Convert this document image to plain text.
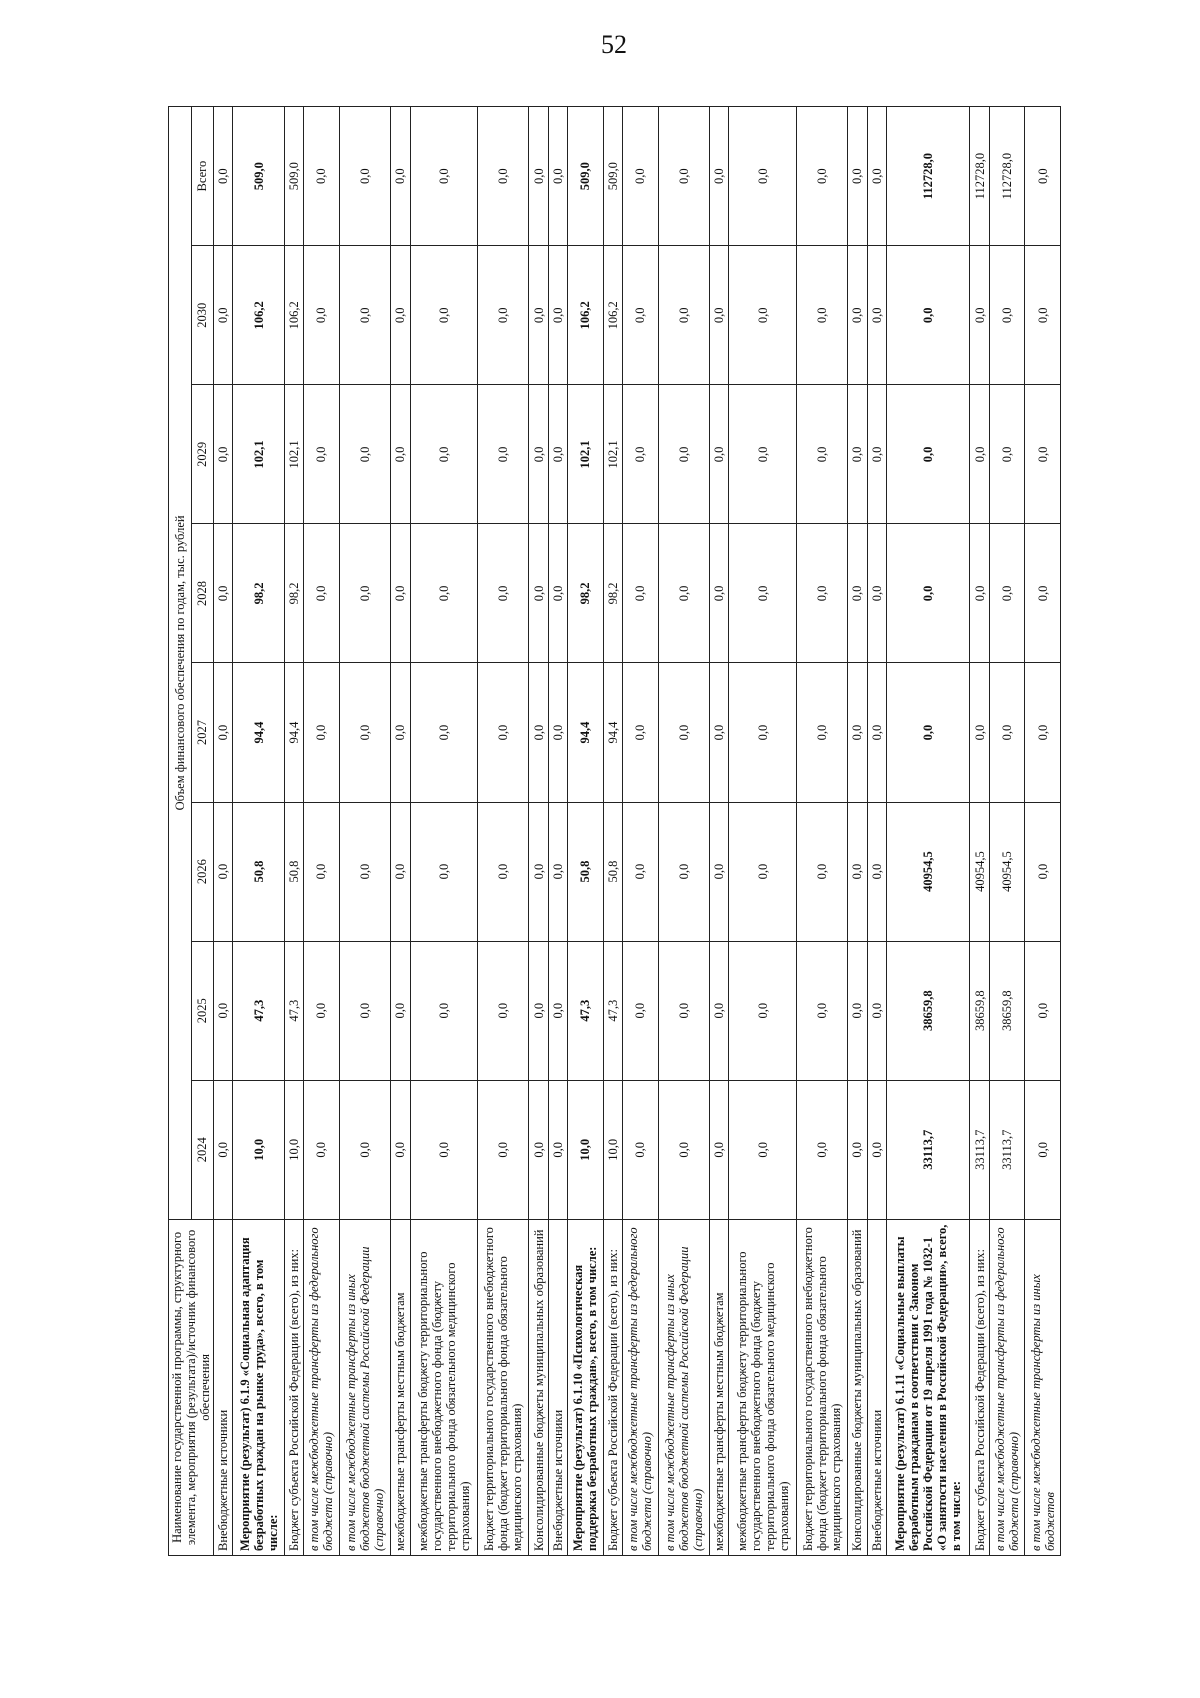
52
Наименование государственной программы, структурного элемента, мероприятия (результата)/источник финансового обеспечения	Объем финансового обеспечения по годам, тыс. рублей							
	2024	2025	2026	2027	2028	2029	2030	Всего
Внебюджетные источники	0,0	0,0	0,0	0,0	0,0	0,0	0,0	0,0
Мероприятие (результат) 6.1.9 «Социальная адаптация безработных граждан на рынке труда», всего, в том числе:	10,0	47,3	50,8	94,4	98,2	102,1	106,2	509,0
Бюджет субъекта Российской Федерации (всего), из них:	10,0	47,3	50,8	94,4	98,2	102,1	106,2	509,0
в том числе межбюджетные трансферты из федерального бюджета (справочно)	0,0	0,0	0,0	0,0	0,0	0,0	0,0	0,0
в том числе межбюджетные трансферты из иных бюджетов бюджетной системы Российской Федерации (справочно)	0,0	0,0	0,0	0,0	0,0	0,0	0,0	0,0
межбюджетные трансферты местным бюджетам	0,0	0,0	0,0	0,0	0,0	0,0	0,0	0,0
межбюджетные трансферты бюджету территориального государственного внебюджетного фонда (бюджету территориального фонда обязательного медицинского страхования)	0,0	0,0	0,0	0,0	0,0	0,0	0,0	0,0
Бюджет территориального государственного внебюджетного фонда (бюджет территориального фонда обязательного медицинского страхования)	0,0	0,0	0,0	0,0	0,0	0,0	0,0	0,0
Консолидированные бюджеты муниципальных образований	0,0	0,0	0,0	0,0	0,0	0,0	0,0	0,0
Внебюджетные источники	0,0	0,0	0,0	0,0	0,0	0,0	0,0	0,0
Мероприятие (результат) 6.1.10 «Психологическая поддержка безработных граждан», всего, в том числе:	10,0	47,3	50,8	94,4	98,2	102,1	106,2	509,0
Бюджет субъекта Российской Федерации (всего), из них:	10,0	47,3	50,8	94,4	98,2	102,1	106,2	509,0
в том числе межбюджетные трансферты из федерального бюджета (справочно)	0,0	0,0	0,0	0,0	0,0	0,0	0,0	0,0
в том числе межбюджетные трансферты из иных бюджетов бюджетной системы Российской Федерации (справочно)	0,0	0,0	0,0	0,0	0,0	0,0	0,0	0,0
межбюджетные трансферты местным бюджетам	0,0	0,0	0,0	0,0	0,0	0,0	0,0	0,0
межбюджетные трансферты бюджету территориального государственного внебюджетного фонда (бюджету территориального фонда обязательного медицинского страхования)	0,0	0,0	0,0	0,0	0,0	0,0	0,0	0,0
Бюджет территориального государственного внебюджетного фонда (бюджет территориального фонда обязательного медицинского страхования)	0,0	0,0	0,0	0,0	0,0	0,0	0,0	0,0
Консолидированные бюджеты муниципальных образований	0,0	0,0	0,0	0,0	0,0	0,0	0,0	0,0
Внебюджетные источники	0,0	0,0	0,0	0,0	0,0	0,0	0,0	0,0
Мероприятие (результат) 6.1.11 «Социальные выплаты безработным гражданам в соответствии с Законом Российской Федерации от 19 апреля 1991 года № 1032-1 «О занятости населения в Российской Федерации», всего, в том числе:	33113,7	38659,8	40954,5	0,0	0,0	0,0	0,0	112728,0
Бюджет субъекта Российской Федерации (всего), из них:	33113,7	38659,8	40954,5	0,0	0,0	0,0	0,0	112728,0
в том числе межбюджетные трансферты из федерального бюджета (справочно)	33113,7	38659,8	40954,5	0,0	0,0	0,0	0,0	112728,0
в том числе межбюджетные трансферты из иных бюджетов	0,0	0,0	0,0	0,0	0,0	0,0	0,0	0,0
